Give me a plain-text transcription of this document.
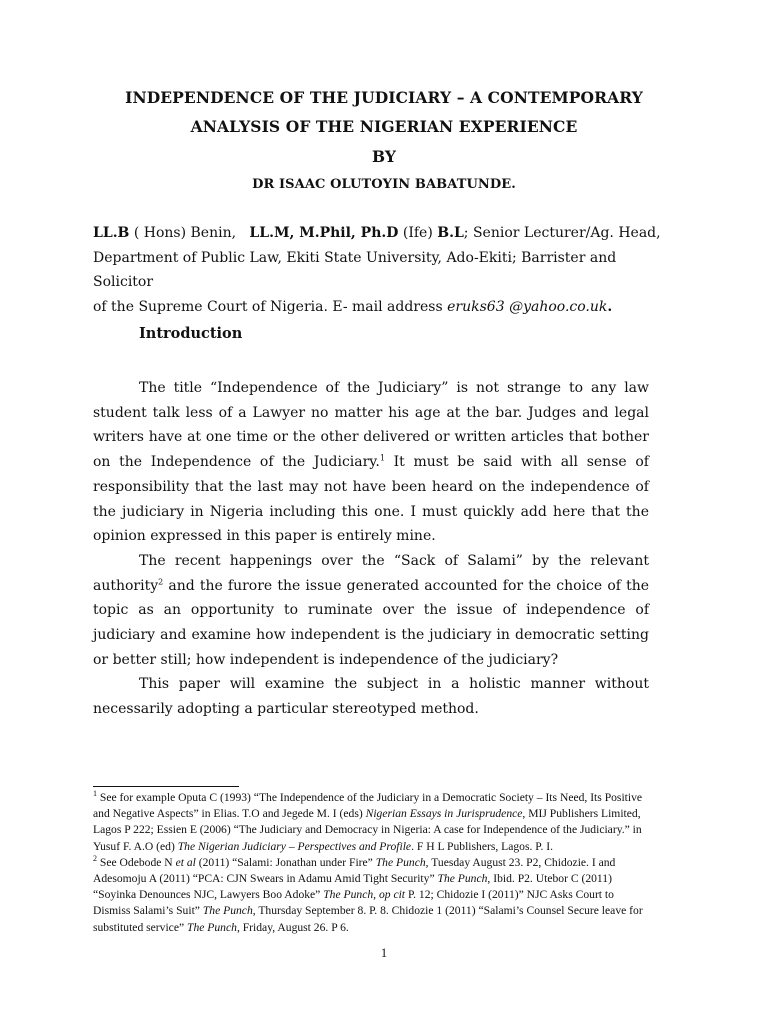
INDEPENDENCE OF THE JUDICIARY – A CONTEMPORARY
ANALYSIS OF THE NIGERIAN EXPERIENCE
BY
DR ISAAC OLUTOYIN BABATUNDE.
LL.B ( Hons) Benin,   LL.M, M.Phil, Ph.D (Ife) B.L; Senior Lecturer/Ag. Head,
Department of Public Law, Ekiti State University, Ado-Ekiti; Barrister and Solicitor
of the Supreme Court of Nigeria. E- mail address eruks63 @yahoo.co.uk.
Introduction

The title “Independence of the Judiciary” is not strange to any law student talk less of a Lawyer no matter his age at the bar. Judges and legal writers have at one time or the other delivered or written articles that bother on the Independence of the Judiciary.$^1$ It must be said with all sense of responsibility that the last may not have been heard on the independence of the judiciary in Nigeria including this one. I must quickly add here that the opinion expressed in this paper is entirely mine.

The recent happenings over the “Sack of Salami” by the relevant authority$^2$ and the furore the issue generated accounted for the choice of the topic as an opportunity to ruminate over the issue of independence of judiciary and examine how independent is the judiciary in democratic setting or better still; how independent is independence of the judiciary?

This paper will examine the subject in a holistic manner without necessarily adopting a particular stereotyped method.

$^1$ See for example Oputa C (1993) “The Independence of the Judiciary in a Democratic Society – Its Need, Its Positive and Negative Aspects” in Elias. T.O and Jegede M. I (eds) Nigerian Essays in Jurisprudence, MIJ Publishers Limited, Lagos P 222; Essien E (2006) “The Judiciary and Democracy in Nigeria: A case for Independence of the Judiciary.” in Yusuf F. A.O (ed) The Nigerian Judiciary – Perspectives and Profile. F H L Publishers, Lagos. P. I.

$^2$ See Odebode N et al (2011) “Salami: Jonathan under Fire” The Punch, Tuesday August 23. P2, Chidozie. I and Adesomoju A (2011) “PCA: CJN Swears in Adamu Amid Tight Security” The Punch, Ibid. P2. Utebor C (2011) “Soyinka Denounces NJC, Lawyers Boo Adoke” The Punch, op cit P. 12; Chidozie I (2011)” NJC Asks Court to Dismiss Salami’s Suit” The Punch, Thursday September 8. P. 8. Chidozie 1 (2011) “Salami’s Counsel Secure leave for substituted service” The Punch, Friday, August 26. P 6.

1
